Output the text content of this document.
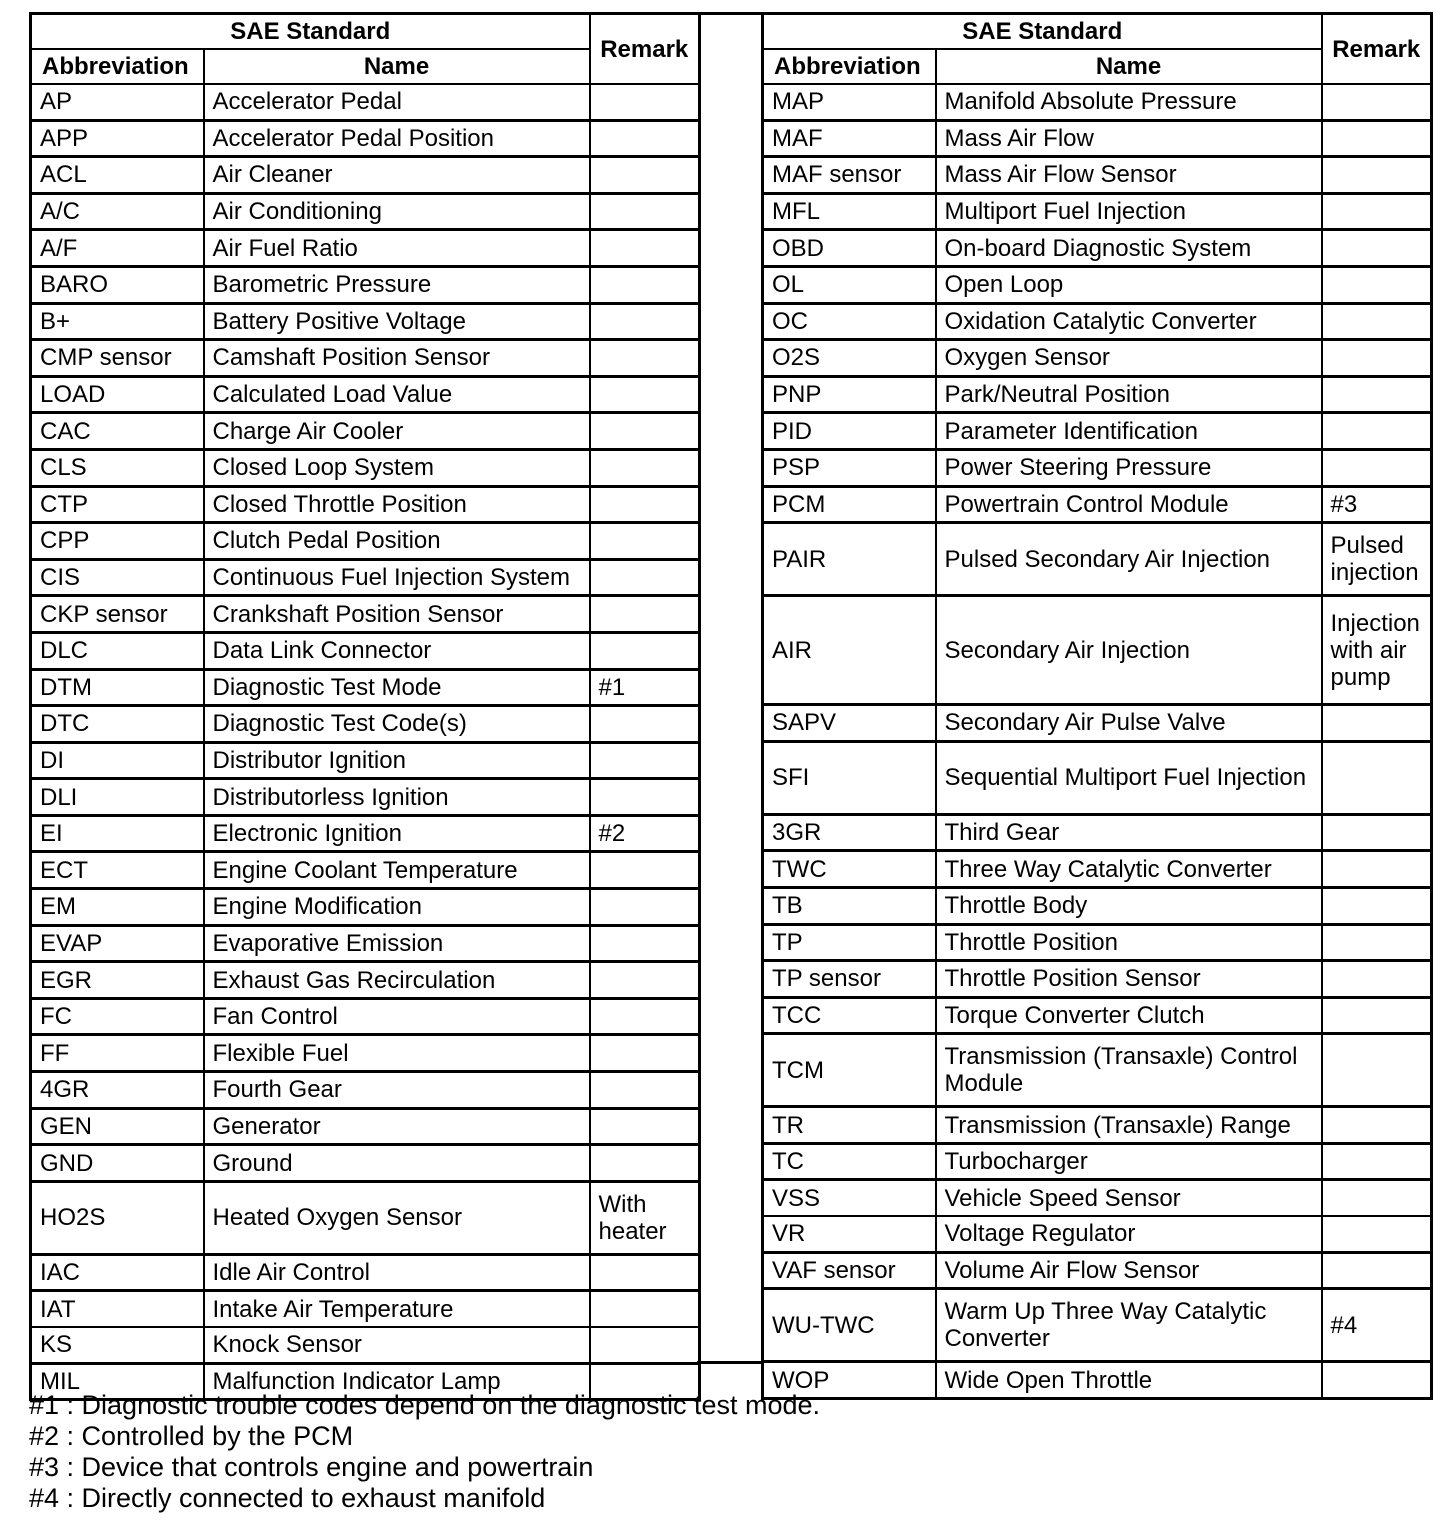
SAE Standard		Remark
Abbreviation	Name	
AP	Accelerator Pedal	
APP	Accelerator Pedal Position	
ACL	Air Cleaner	
A/C	Air Conditioning	
A/F	Air Fuel Ratio	
BARO	Barometric Pressure	
B+	Battery Positive Voltage	
CMP sensor	Camshaft Position Sensor	
LOAD	Calculated Load Value	
CAC	Charge Air Cooler	
CLS	Closed Loop System	
CTP	Closed Throttle Position	
CPP	Clutch Pedal Position	
CIS	Continuous Fuel Injection System	
CKP sensor	Crankshaft Position Sensor	
DLC	Data Link Connector	
DTM	Diagnostic Test Mode	#1
DTC	Diagnostic Test Code(s)	
DI	Distributor Ignition	
DLI	Distributorless Ignition	
EI	Electronic Ignition	#2
ECT	Engine Coolant Temperature	
EM	Engine Modification	
EVAP	Evaporative Emission	
EGR	Exhaust Gas Recirculation	
FC	Fan Control	
FF	Flexible Fuel	
4GR	Fourth Gear	
GEN	Generator	
GND	Ground	
HO2S	Heated Oxygen Sensor	With heater
IAC	Idle Air Control	
IAT	Intake Air Temperature	
KS	Knock Sensor	
MIL	Malfunction Indicator Lamp	
SAE Standard		Remark
Abbreviation	Name	
MAP	Manifold Absolute Pressure	
MAF	Mass Air Flow	
MAF sensor	Mass Air Flow Sensor	
MFL	Multiport Fuel Injection	
OBD	On-board Diagnostic System	
OL	Open Loop	
OC	Oxidation Catalytic Converter	
O2S	Oxygen Sensor	
PNP	Park/Neutral Position	
PID	Parameter Identification	
PSP	Power Steering Pressure	
PCM	Powertrain Control Module	#3
PAIR	Pulsed Secondary Air Injection	Pulsed injection
AIR	Secondary Air Injection	Injection with air pump
SAPV	Secondary Air Pulse Valve	
SFI	Sequential Multiport Fuel Injection	
3GR	Third Gear	
TWC	Three Way Catalytic Converter	
TB	Throttle Body	
TP	Throttle Position	
TP sensor	Throttle Position Sensor	
TCC	Torque Converter Clutch	
TCM	Transmission (Transaxle) Control Module	
TR	Transmission (Transaxle) Range	
TC	Turbocharger	
VSS	Vehicle Speed Sensor	
VR	Voltage Regulator	
VAF sensor	Volume Air Flow Sensor	
WU-TWC	Warm Up Three Way Catalytic Converter	#4
WOP	Wide Open Throttle	
#1 : Diagnostic trouble codes depend on the diagnostic test mode.
#2 : Controlled by the PCM
#3 : Device that controls engine and powertrain
#4 : Directly connected to exhaust manifold
